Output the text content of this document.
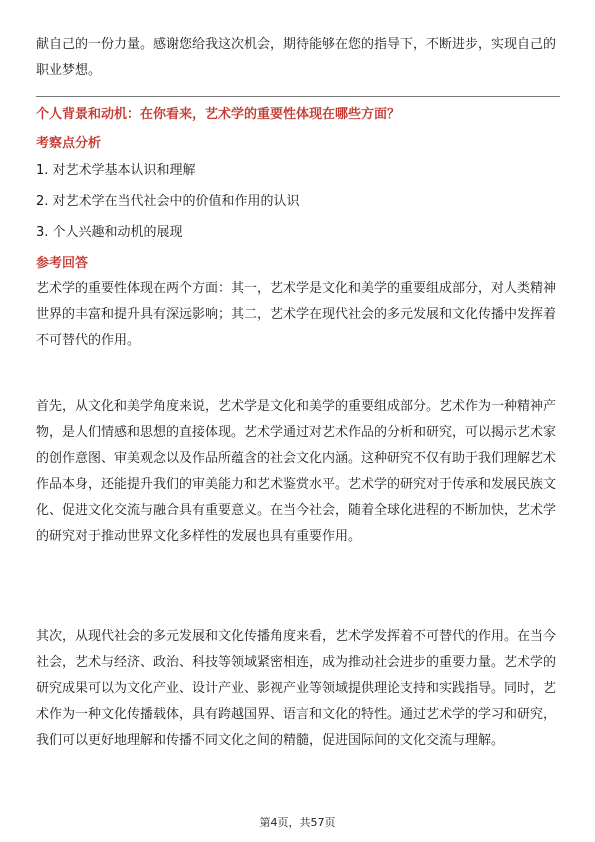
献自己的一份力量。感谢您给我这次机会，期待能够在您的指导下，不断进步，实现自己的职业梦想。
个人背景和动机：在你看来，艺术学的重要性体现在哪些方面？
考察点分析
1. 对艺术学基本认识和理解
2. 对艺术学在当代社会中的价值和作用的认识
3. 个人兴趣和动机的展现
参考回答
艺术学的重要性体现在两个方面：其一，艺术学是文化和美学的重要组成部分，对人类精神世界的丰富和提升具有深远影响；其二，艺术学在现代社会的多元发展和文化传播中发挥着不可替代的作用。
首先，从文化和美学角度来说，艺术学是文化和美学的重要组成部分。艺术作为一种精神产物，是人们情感和思想的直接体现。艺术学通过对艺术作品的分析和研究，可以揭示艺术家的创作意图、审美观念以及作品所蕴含的社会文化内涵。这种研究不仅有助于我们理解艺术作品本身，还能提升我们的审美能力和艺术鉴赏水平。艺术学的研究对于传承和发展民族文化、促进文化交流与融合具有重要意义。在当今社会，随着全球化进程的不断加快，艺术学的研究对于推动世界文化多样性的发展也具有重要作用。
其次，从现代社会的多元发展和文化传播角度来看，艺术学发挥着不可替代的作用。在当今社会，艺术与经济、政治、科技等领域紧密相连，成为推动社会进步的重要力量。艺术学的研究成果可以为文化产业、设计产业、影视产业等领域提供理论支持和实践指导。同时，艺术作为一种文化传播载体，具有跨越国界、语言和文化的特性。通过艺术学的学习和研究，我们可以更好地理解和传播不同文化之间的精髓，促进国际间的文化交流与理解。
第4页，共57页
